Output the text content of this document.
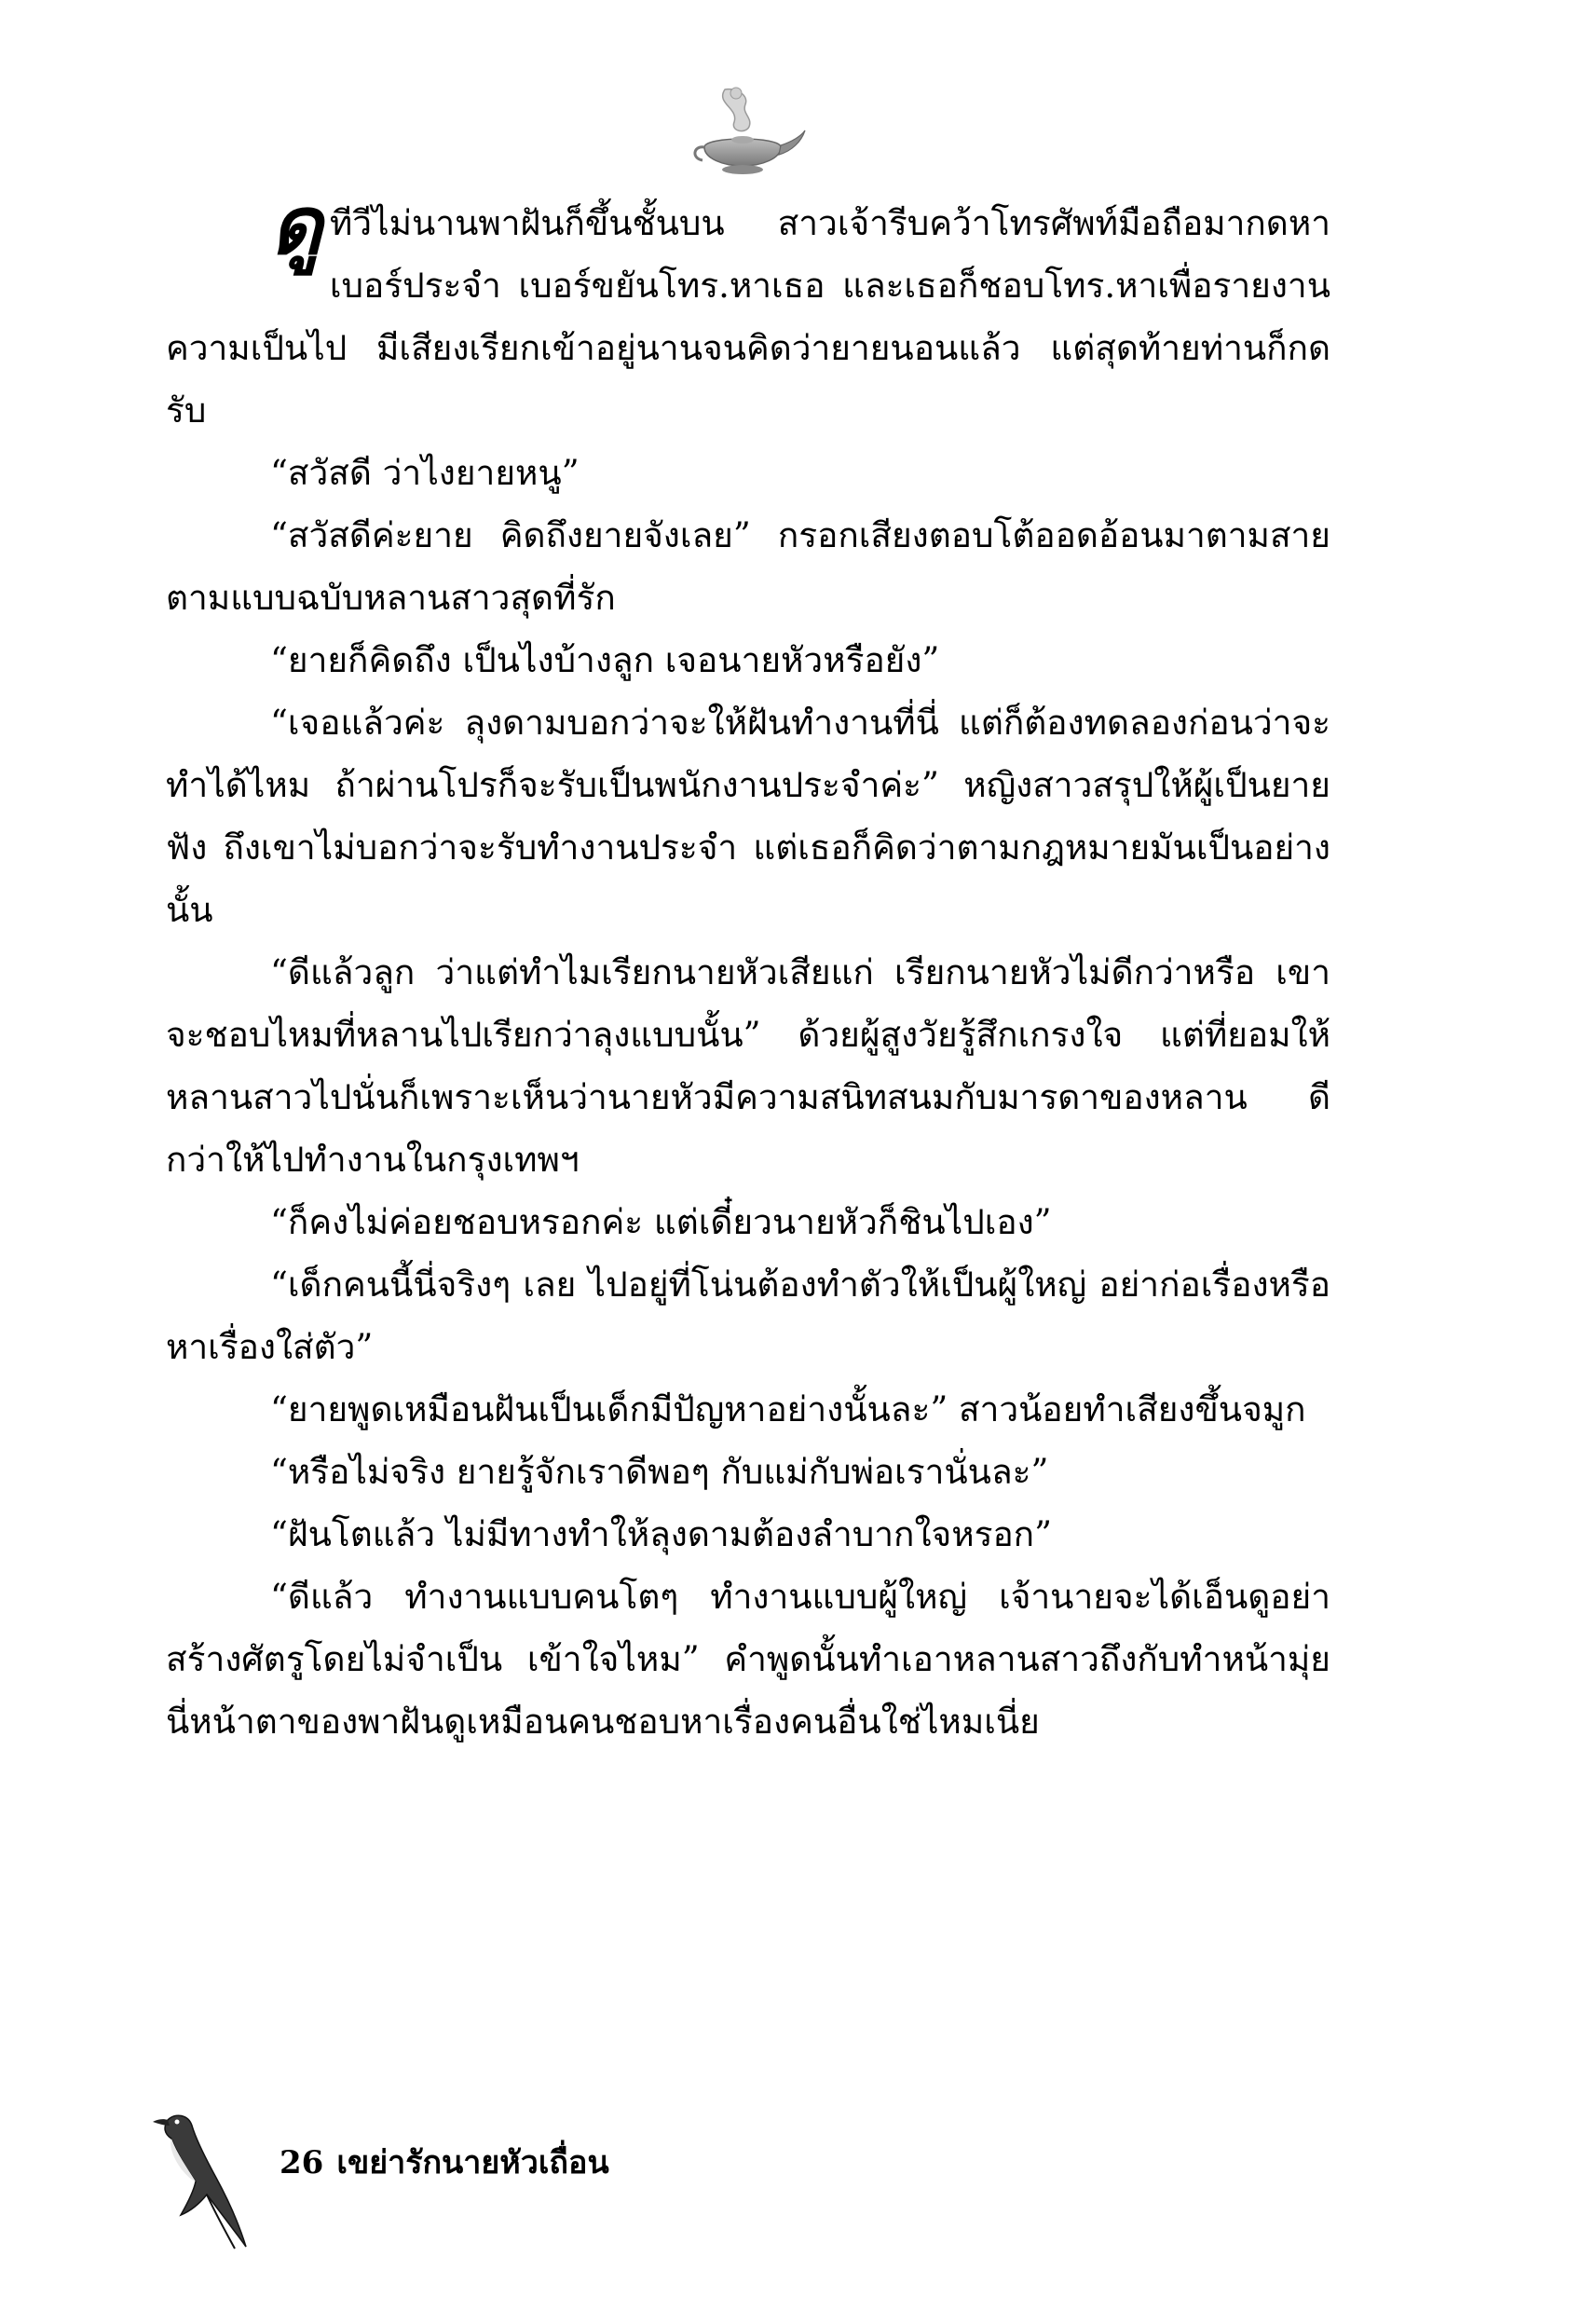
ดูทีวีไม่นานพาฝันก็ขึ้นชั้นบน สาวเจ้ารีบคว้าโทรศัพท์มือถือมากดหาเบอร์ประจำ เบอร์ขยันโทร.หาเธอ และเธอก็ชอบโทร.หาเพื่อรายงานความเป็นไป มีเสียงเรียกเข้าอยู่นานจนคิดว่ายายนอนแล้ว แต่สุดท้ายท่านก็กดรับ

“สวัสดี ว่าไงยายหนู”

“สวัสดีค่ะยาย คิดถึงยายจังเลย” กรอกเสียงตอบโต้ออดอ้อนมาตามสายตามแบบฉบับหลานสาวสุดที่รัก

“ยายก็คิดถึง เป็นไงบ้างลูก เจอนายหัวหรือยัง”

“เจอแล้วค่ะ ลุงดามบอกว่าจะให้ฝันทำงานที่นี่ แต่ก็ต้องทดลองก่อนว่าจะทำได้ไหม ถ้าผ่านโปรก็จะรับเป็นพนักงานประจำค่ะ” หญิงสาวสรุปให้ผู้เป็นยายฟัง ถึงเขาไม่บอกว่าจะรับทำงานประจำ แต่เธอก็คิดว่าตามกฎหมายมันเป็นอย่างนั้น

“ดีแล้วลูก ว่าแต่ทำไมเรียกนายหัวเสียแก่ เรียกนายหัวไม่ดีกว่าหรือ เขาจะชอบไหมที่หลานไปเรียกว่าลุงแบบนั้น” ด้วยผู้สูงวัยรู้สึกเกรงใจ แต่ที่ยอมให้หลานสาวไปนั่นก็เพราะเห็นว่านายหัวมีความสนิทสนมกับมารดาของหลาน ดีกว่าให้ไปทำงานในกรุงเทพฯ

“ก็คงไม่ค่อยชอบหรอกค่ะ แต่เดี๋ยวนายหัวก็ชินไปเอง”

“เด็กคนนี้นี่จริงๆ เลย ไปอยู่ที่โน่นต้องทำตัวให้เป็นผู้ใหญ่ อย่าก่อเรื่องหรือหาเรื่องใส่ตัว”

“ยายพูดเหมือนฝันเป็นเด็กมีปัญหาอย่างนั้นละ” สาวน้อยทำเสียงขึ้นจมูก

“หรือไม่จริง ยายรู้จักเราดีพอๆ กับแม่กับพ่อเรานั่นละ”

“ฝันโตแล้ว ไม่มีทางทำให้ลุงดามต้องลำบากใจหรอก”

“ดีแล้ว ทำงานแบบคนโตๆ ทำงานแบบผู้ใหญ่ เจ้านายจะได้เอ็นดูอย่าสร้างศัตรูโดยไม่จำเป็น เข้าใจไหม” คำพูดนั้นทำเอาหลานสาวถึงกับทำหน้ามุ่ย นี่หน้าตาของพาฝันดูเหมือนคนชอบหาเรื่องคนอื่นใช่ไหมเนี่ย

26 เขย่ารักนายหัวเถื่อน
